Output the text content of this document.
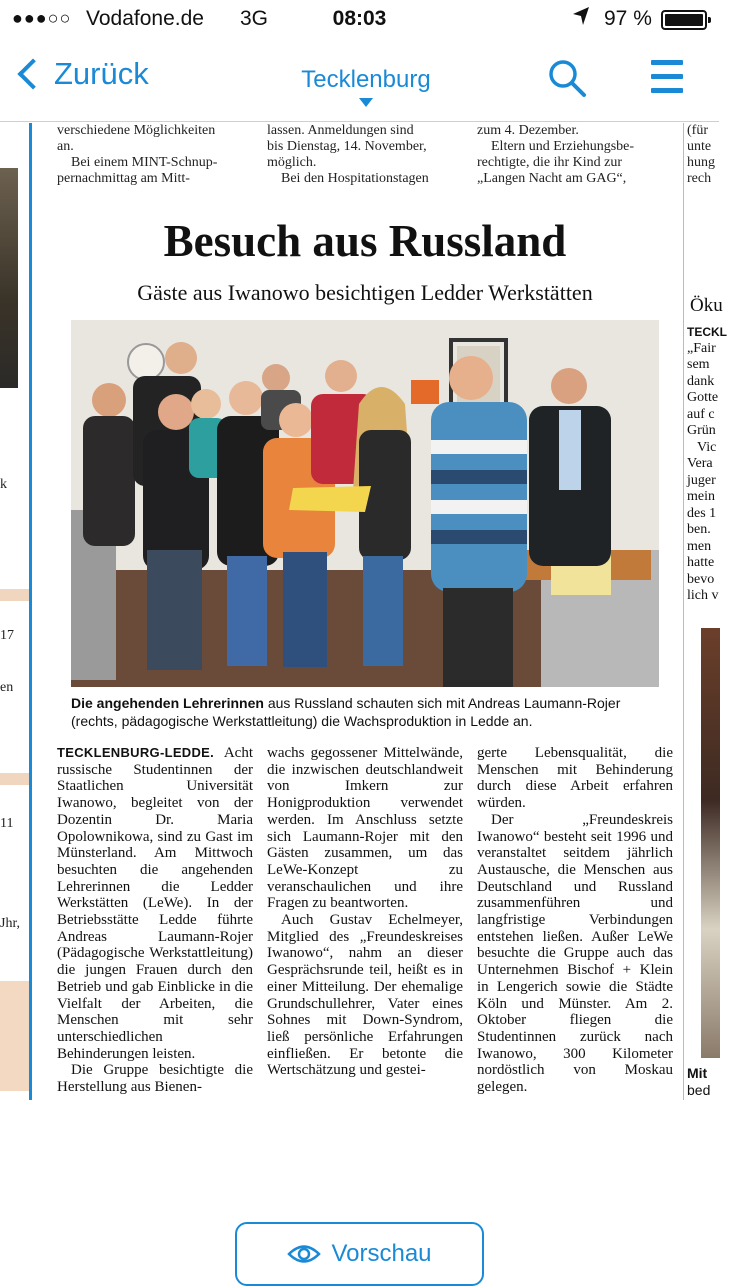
●●●○○ Vodafone.de 3G	08:03	97 %
Zurück	Tecklenburg
k
17
en
11
Jhr,
verschiedene Möglichkeiten
an.
Bei einem MINT-Schnup-
pernachmittag am Mitt-
lassen. Anmeldungen sind
bis Dienstag, 14. November,
möglich.
Bei den Hospitationstagen
zum 4. Dezember.
Eltern und Erziehungsbe-
rechtigte, die ihr Kind zur
„Langen Nacht am GAG“,
(für
unte
hung
rech
Öku
TECKL
„Fair
sem
dank
Gotte
auf c
Grün
Vic
Vera
juger
mein
des 1
ben.
men
hatte
bevo
lich v
Mit
bed
Besuch aus Russland
Gäste aus Iwanowo besichtigen Ledder Werkstätten
Die angehenden Lehrerinnen aus Russland schauten sich mit Andreas Laumann-Rojer (rechts, pädagogische Werkstattleitung) die Wachsproduktion in Ledde an.

TECKLENBURG-LEDDE. Acht russische Studentinnen der Staatlichen Universität Iwanowo, begleitet von der Dozentin Dr. Maria Opolownikowa, sind zu Gast im Münsterland. Am Mittwoch besuchten die angehenden Lehrerinnen die Ledder Werkstätten (LeWe). In der Betriebsstätte Ledde führte Andreas Laumann-Rojer (Pädagogische Werkstattleitung) die jungen Frauen durch den Betrieb und gab Einblicke in die Vielfalt der Arbeiten, die Menschen mit sehr unterschiedlichen Behinderungen leisten.

Die Gruppe besichtigte die Herstellung aus Bienen-

wachs gegossener Mittelwände, die inzwischen deutschlandweit von Imkern zur Honigproduktion verwendet werden. Im Anschluss setzte sich Laumann-Rojer mit den Gästen zusammen, um das LeWe-Konzept zu veranschaulichen und ihre Fragen zu beantworten.

Auch Gustav Echelmeyer, Mitglied des „Freundeskreises Iwanowo“, nahm an dieser Gesprächsrunde teil, heißt es in einer Mitteilung. Der ehemalige Grundschullehrer, Vater eines Sohnes mit Down-Syndrom, ließ persönliche Erfahrungen einfließen. Er betonte die Wertschätzung und gestei-

gerte Lebensqualität, die Menschen mit Behinderung durch diese Arbeit erfahren würden.

Der „Freundeskreis Iwanowo“ besteht seit 1996 und veranstaltet seitdem jährlich Austausche, die Menschen aus Deutschland und Russland zusammenführen und langfristige Verbindungen entstehen ließen. Außer LeWe besuchte die Gruppe auch das Unternehmen Bischof + Klein in Lengerich sowie die Städte Köln und Münster. Am 2. Oktober fliegen die Studentinnen zurück nach Iwanowo, 300 Kilometer nordöstlich von Moskau gelegen.

Vorschau
